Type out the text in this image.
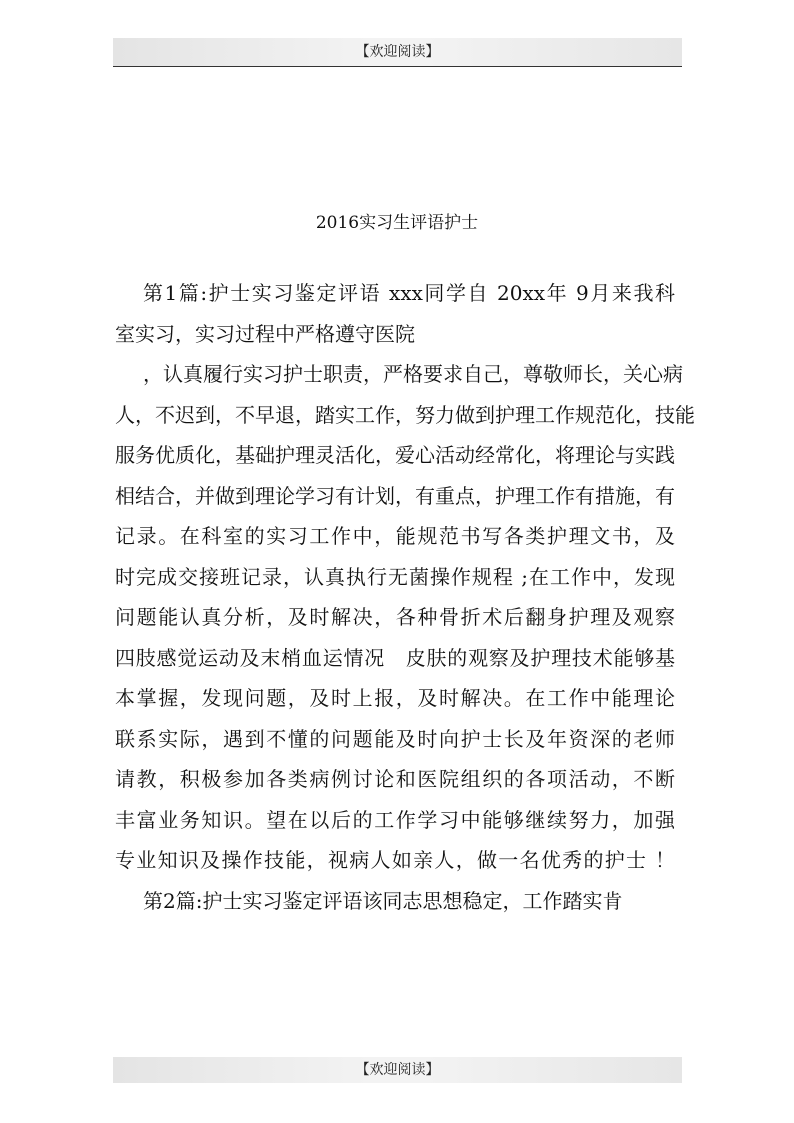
【欢迎阅读】
2016实习生评语护士
第1篇:护士实习鉴定评语 xxx同学自 20xx年 9月来我科
室实习，实习过程中严格遵守医院
，认真履行实习护士职责，严格要求自己，尊敬师长，关心病
人，不迟到，不早退，踏实工作，努力做到护理工作规范化，技能
服务优质化，基础护理灵活化，爱心活动经常化，将理论与实践
相结合，并做到理论学习有计划，有重点，护理工作有措施，有
记录。在科室的实习工作中，能规范书写各类护理文书，及
时完成交接班记录，认真执行无菌操作规程 ;在工作中，发现
问题能认真分析，及时解决，各种骨折术后翻身护理及观察
四肢感觉运动及末梢血运情况　皮肤的观察及护理技术能够基
本掌握，发现问题，及时上报，及时解决。在工作中能理论
联系实际，遇到不懂的问题能及时向护士长及年资深的老师
请教，积极参加各类病例讨论和医院组织的各项活动，不断
丰富业务知识。望在以后的工作学习中能够继续努力，加强
专业知识及操作技能，视病人如亲人，做一名优秀的护士 ！
第2篇:护士实习鉴定评语该同志思想稳定，工作踏实肯
【欢迎阅读】
